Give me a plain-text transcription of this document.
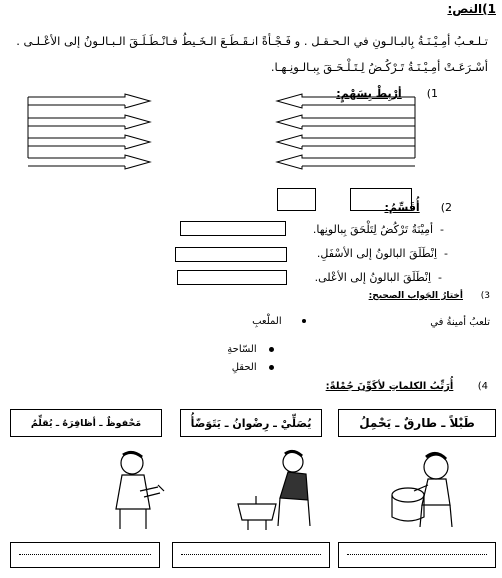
1)النص:
تـلـعـبُ أمِـيْـنَـةُ بِالبـالـونِ في الـحـقـل . و فَـجْـأةً انـقَـطَـعَ الـخَـيطُ فـانْـطَـلَـقَ الـبـالـونُ إلى الأعْـلـى .
أسْـرَعَـتْ أمِـيْـنَـةُ تَـرْكُـضُ لِـتَـلْـحَـقَ بِبـالـونِـهـا.
1)  أرْبِطْ بِسَهْمٍ:
2)  أُقَسِّمُ:
-  أمِيْنَةُ تَرْكُضُ لِتَلْحَقَ بِبالونِها.
-  اِنْطَلَقَ البالونُ إلى الأسْفَلِ.
-  اِنْطَلَقَ البالونُ إلى الأعْلى.
3)  أختارُ الجَواب الصحيح:
تلعبُ أمينةُ في
الملْعبِ
السّاحةِ
الحقلِ
4)  أُرَتِّبُ الكلماتِ لأكَوِّنَ جُمْلةً:
طَبْلاً ـ طارقٌ ـ يَحْمِلُ
يُصَلِّيْ ـ رِضْوانُ ـ يَتَوَضّأُ
مَحْفوظٌ ـ أظافِرَهُ ـ يُقلِّمُ
